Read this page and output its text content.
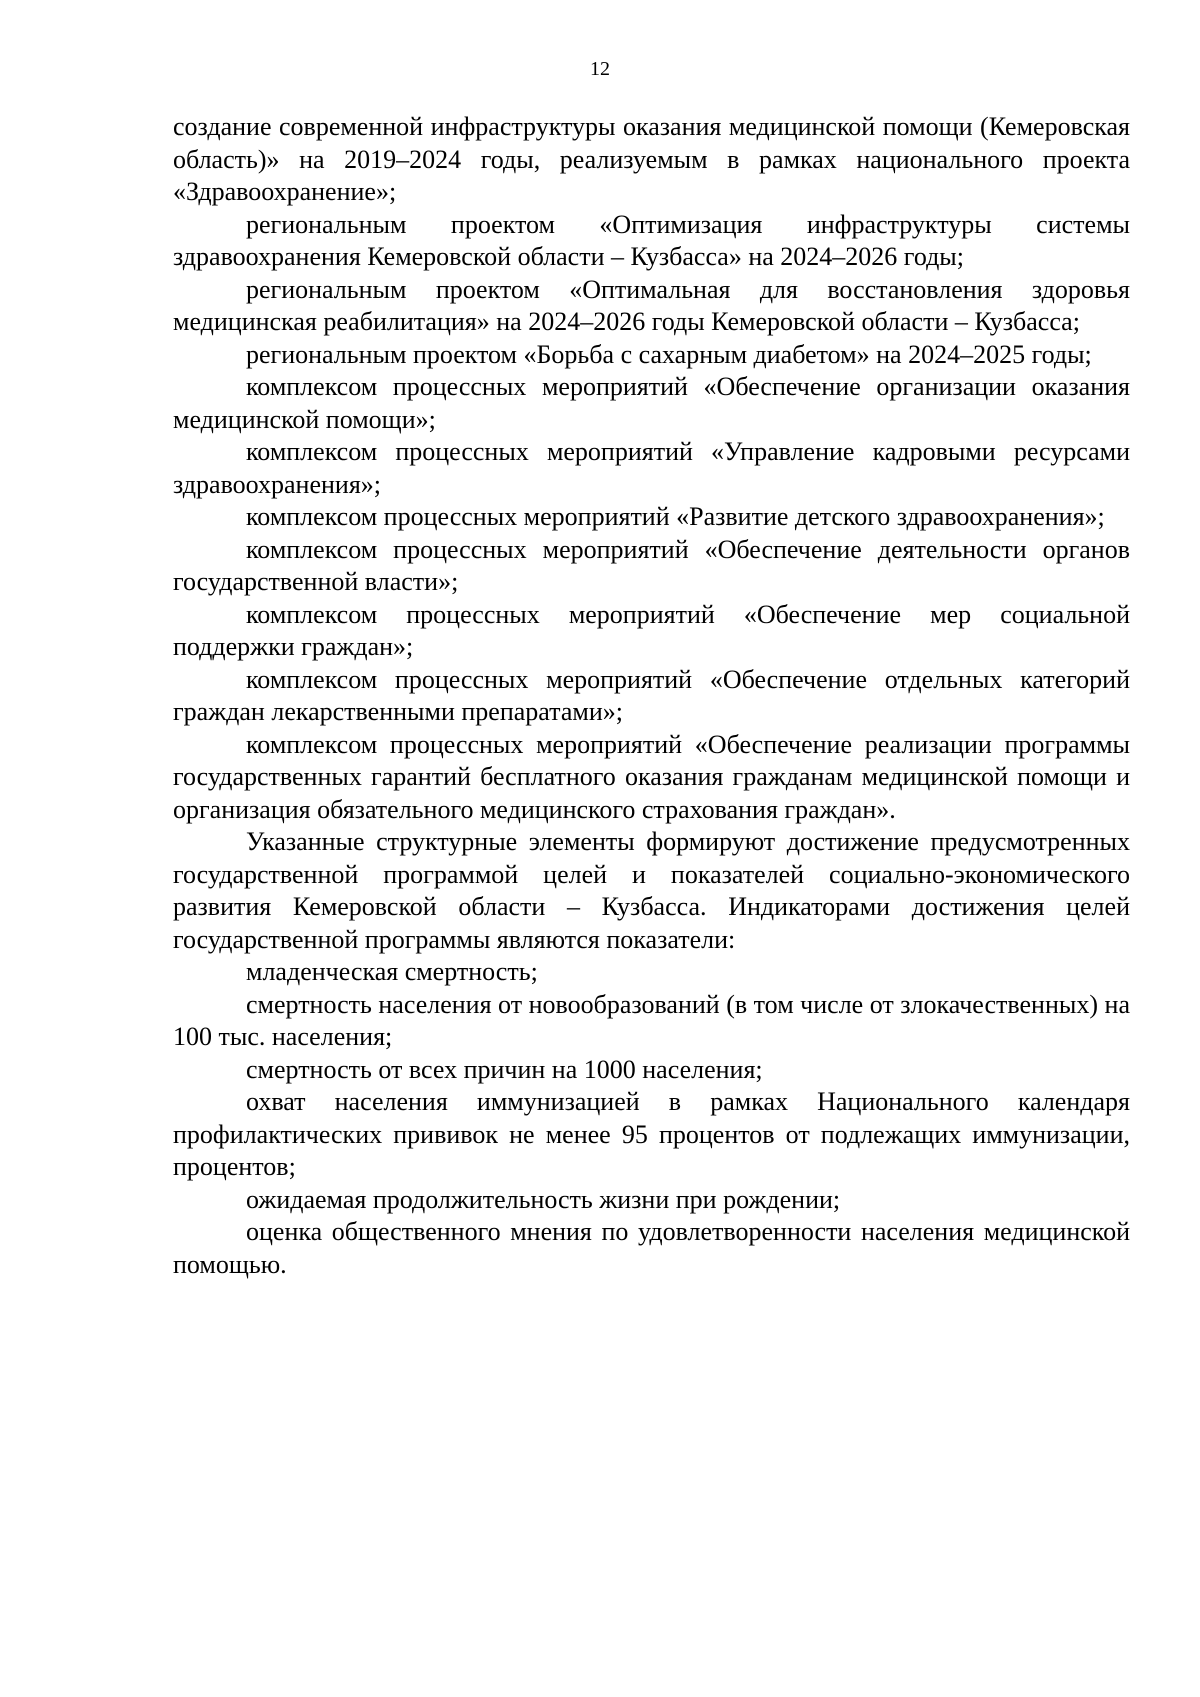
12

создание современной инфраструктуры оказания медицинской помощи (Кемеровская область)» на 2019–2024 годы, реализуемым в рамках национального проекта «Здравоохранение»;

региональным проектом «Оптимизация инфраструктуры системы здравоохранения Кемеровской области – Кузбасса» на 2024–2026 годы;

региональным проектом «Оптимальная для восстановления здоровья медицинская реабилитация» на 2024–2026 годы Кемеровской области – Кузбасса;

региональным проектом «Борьба с сахарным диабетом» на 2024–2025 годы;

комплексом процессных мероприятий «Обеспечение организации оказания медицинской помощи»;

комплексом процессных мероприятий «Управление кадровыми ресурсами здравоохранения»;

комплексом процессных мероприятий «Развитие детского здравоохранения»;

комплексом процессных мероприятий «Обеспечение деятельности органов государственной власти»;

комплексом процессных мероприятий «Обеспечение мер социальной поддержки граждан»;

комплексом процессных мероприятий «Обеспечение отдельных категорий граждан лекарственными препаратами»;

комплексом процессных мероприятий «Обеспечение реализации программы государственных гарантий бесплатного оказания гражданам медицинской помощи и организация обязательного медицинского страхования граждан».

Указанные структурные элементы формируют достижение предусмотренных государственной программой целей и показателей социально-экономического развития Кемеровской области – Кузбасса. Индикаторами достижения целей государственной программы являются показатели:

младенческая смертность;

смертность населения от новообразований (в том числе от злокачественных) на 100 тыс. населения;

смертность от всех причин на 1000 населения;

охват населения иммунизацией в рамках Национального календаря профилактических прививок не менее 95 процентов от подлежащих иммунизации, процентов;

ожидаемая продолжительность жизни при рождении;

оценка общественного мнения по удовлетворенности населения медицинской помощью.
